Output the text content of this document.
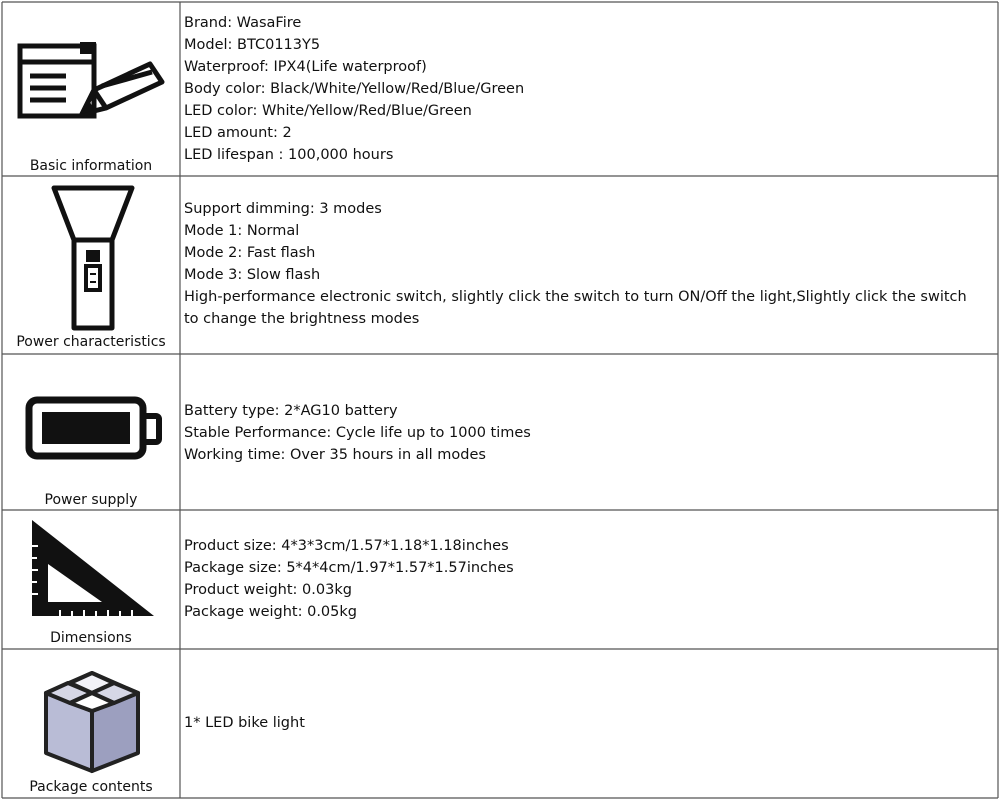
Basic information
Brand: WasaFire
Model: BTC0113Y5
Waterproof: IPX4(Life waterproof)
Body color: Black/White/Yellow/Red/Blue/Green
LED color: White/Yellow/Red/Blue/Green
LED amount: 2
LED lifespan : 100,000 hours
Power characteristics
Support dimming: 3 modes
Mode 1: Normal
Mode 2: Fast flash
Mode 3: Slow flash
High-performance electronic switch, slightly click the switch to turn ON/Off the light,Slightly click the switch to change the brightness modes
Power supply
Battery type: 2*AG10 battery
Stable Performance: Cycle life up to 1000 times
Working time: Over 35 hours in all modes
Dimensions
Product size: 4*3*3cm/1.57*1.18*1.18inches
Package size: 5*4*4cm/1.97*1.57*1.57inches
Product weight: 0.03kg
Package weight: 0.05kg
Package contents
1* LED bike light
